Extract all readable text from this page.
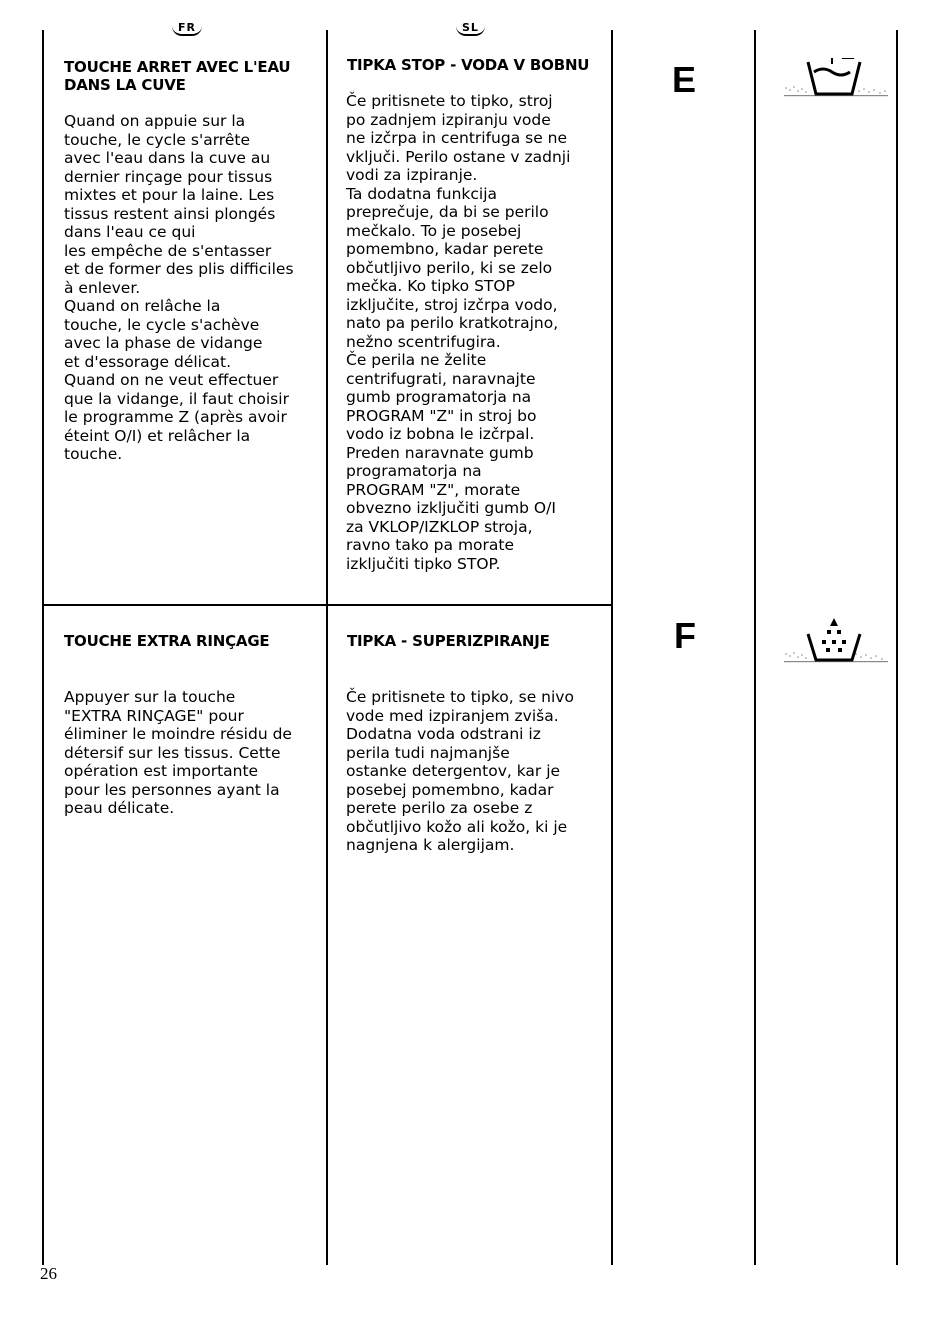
FR	SL
TOUCHE ARRET AVEC L'EAU
DANS LA CUVE
Quand on appuie sur la
touche, le cycle s'arrête
avec l'eau dans la cuve au
dernier rinçage pour tissus
mixtes et pour la laine. Les
tissus restent ainsi plongés
dans l'eau ce qui
les empêche de s'entasser
et de former des plis difficiles
à enlever.
Quand on relâche la
touche, le cycle s'achève
avec la phase de vidange
et d'essorage délicat.
Quand on ne veut effectuer
que la vidange, il faut choisir
le programme Z (après avoir
éteint O/I) et relâcher la
touche.
TOUCHE EXTRA RINÇAGE
Appuyer sur la touche
"EXTRA RINÇAGE" pour
éliminer le moindre résidu de
détersif sur les tissus. Cette
opération est importante
pour les personnes ayant la
peau délicate.
TIPKA STOP - VODA V BOBNU
Če pritisnete to tipko, stroj
po zadnjem izpiranju vode
ne izčrpa in centrifuga se ne
vključi. Perilo ostane v zadnji
vodi za izpiranje.
Ta dodatna funkcija
preprečuje, da bi se perilo
mečkalo. To je posebej
pomembno, kadar perete
občutljivo perilo, ki se zelo
mečka. Ko tipko STOP
izključite, stroj izčrpa vodo,
nato pa perilo kratkotrajno,
nežno scentrifugira.
Če perila ne želite
centrifugrati, naravnajte
gumb programatorja na
PROGRAM "Z" in stroj bo
vodo iz bobna le izčrpal.
Preden naravnate gumb
programatorja na
PROGRAM "Z", morate
obvezno izključiti gumb O/I
za VKLOP/IZKLOP stroja,
ravno tako pa morate
izključiti tipko STOP.
TIPKA - SUPERIZPIRANJE
Če pritisnete to tipko, se nivo
vode med izpiranjem zviša.
Dodatna voda odstrani iz
perila tudi najmanjše
ostanke detergentov, kar je
posebej pomembno, kadar
perete perilo za osebe z
občutljivo kožo ali kožo, ki je
nagnjena k alergijam.
E
F
26
